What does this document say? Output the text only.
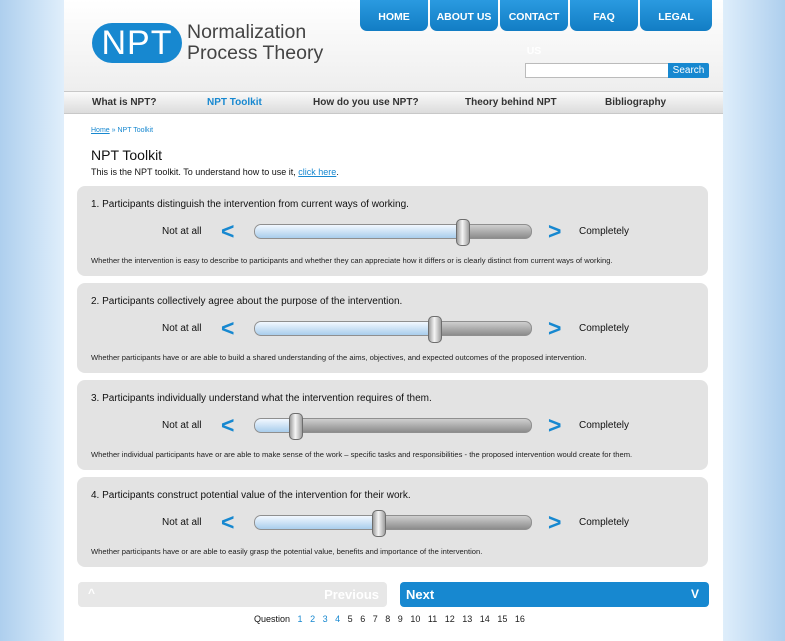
NPT Normalization
Process Theory
HOME	ABOUT US	CONTACT US
FAQ	LEGAL
Search
What is NPT?	NPT Toolkit	How do you use NPT?	Theory behind NPT	Bibliography
Home » NPT Toolkit
NPT Toolkit
This is the NPT toolkit. To understand how to use it, click here.
1. Participants distinguish the intervention from current ways of working.
Not at all <	> Completely
Whether the intervention is easy to describe to participants and whether they can appreciate how it differs or is clearly distinct from current ways of working.
2. Participants collectively agree about the purpose of the intervention.
Not at all <	> Completely
Whether participants have or are able to build a shared understanding of the aims, objectives, and expected outcomes of the proposed intervention.
3. Participants individually understand what the intervention requires of them.
Not at all <	> Completely
Whether individual participants have or are able to make sense of the work – specific tasks and responsibilities - the proposed intervention would create for them.
4. Participants construct potential value of the intervention for their work.
Not at all <	> Completely
Whether participants have or are able to easily grasp the potential value, benefits and importance of the intervention.
^	Previous Next	V
Question 1 2 3 4 5 6 7 8 9 10 11 12 13 14 15 16
